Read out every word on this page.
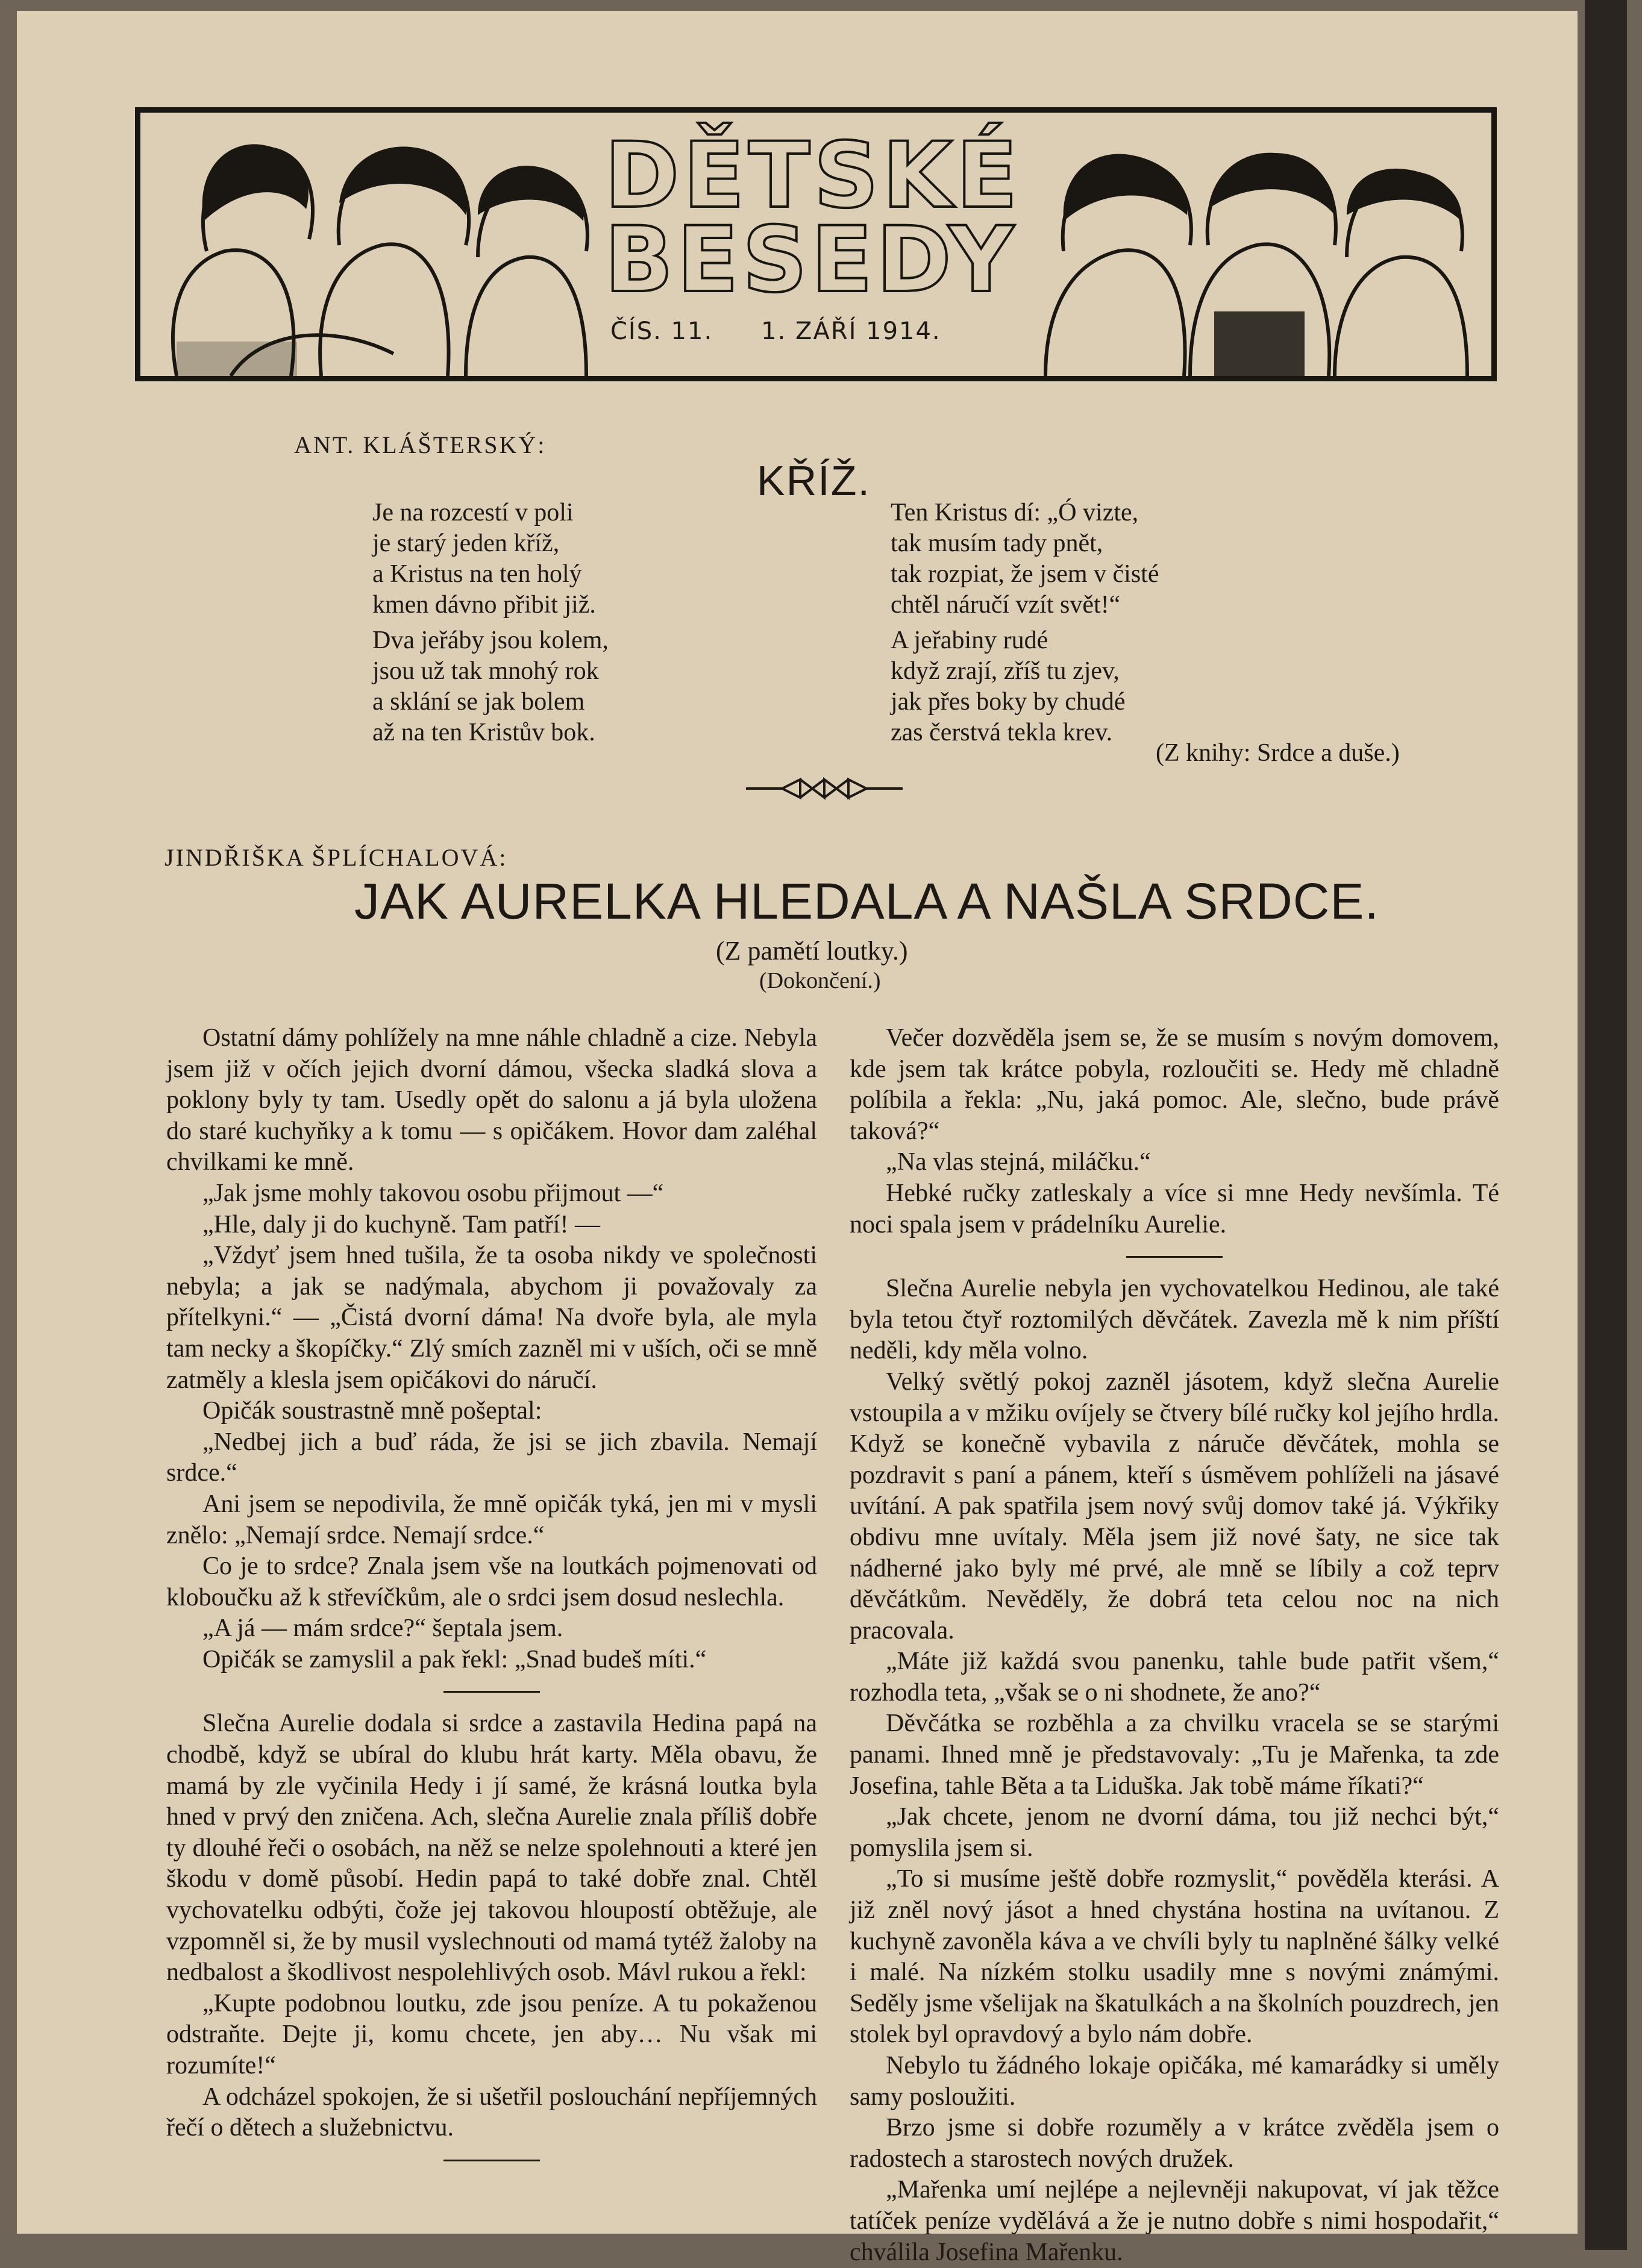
DĚTSKÉ
BESEDY
ČÍS. 11. 1. ZÁŘÍ 1914.
ANT. KLÁŠTERSKÝ:
KŘÍŽ.
Je na rozcestí v poli
je starý jeden kříž,
a Kristus na ten holý
kmen dávno přibit již.
Dva jeřáby jsou kolem,
jsou už tak mnohý rok
a sklání se jak bolem
až na ten Kristův bok.
Ten Kristus dí: „Ó vizte,
tak musím tady pnět,
tak rozpiat, že jsem v čisté
chtěl náručí vzít svět!“
A jeřabiny rudé
když zrají, zříš tu zjev,
jak přes boky by chudé
zas čerstvá tekla krev.
(Z knihy: Srdce a duše.)
JINDŘIŠKA ŠPLÍCHALOVÁ:
JAK AURELKA HLEDALA A NAŠLA SRDCE.
(Z pamětí loutky.)
(Dokončení.)

Ostatní dámy pohlížely na mne náhle chladně a cize. Nebyla jsem již v očích jejich dvorní dámou, všecka sladká slova a poklony byly ty tam. Usedly opět do salonu a já byla uložena do staré kuchyňky a k tomu — s opičákem. Hovor dam zaléhal chvilkami ke mně.

„Jak jsme mohly takovou osobu přijmout —“

„Hle, daly ji do kuchyně. Tam patří! —

„Vždyť jsem hned tušila, že ta osoba nikdy ve společnosti nebyla; a jak se nadýmala, abychom ji považovaly za přítelkyni.“ — „Čistá dvorní dáma! Na dvoře byla, ale myla tam necky a škopíčky.“ Zlý smích zazněl mi v uších, oči se mně zatměly a klesla jsem opičákovi do náručí.

Opičák soustrastně mně pošeptal:

„Nedbej jich a buď ráda, že jsi se jich zbavila. Nemají srdce.“

Ani jsem se nepodivila, že mně opičák tyká, jen mi v mysli znělo: „Nemají srdce. Nemají srdce.“

Co je to srdce? Znala jsem vše na loutkách pojmenovati od kloboučku až k střevíčkům, ale o srdci jsem dosud neslechla.

„A já — mám srdce?“ šeptala jsem.

Opičák se zamyslil a pak řekl: „Snad budeš míti.“

Slečna Aurelie dodala si srdce a zastavila Hedina papá na chodbě, když se ubíral do klubu hrát karty. Měla obavu, že mamá by zle vyčinila Hedy i jí samé, že krásná loutka byla hned v prvý den zničena. Ach, slečna Aurelie znala příliš dobře ty dlouhé řeči o osobách, na něž se nelze spolehnouti a které jen škodu v domě působí. Hedin papá to také dobře znal. Chtěl vychovatelku odbýti, čože jej takovou hloupostí obtěžuje, ale vzpomněl si, že by musil vyslechnouti od mamá tytéž žaloby na nedbalost a škodlivost nespolehlivých osob. Mávl rukou a řekl:

„Kupte podobnou loutku, zde jsou peníze. A tu pokaženou odstraňte. Dejte ji, komu chcete, jen aby… Nu však mi rozumíte!“

A odcházel spokojen, že si ušetřil poslouchání nepříjemných řečí o dětech a služebnictvu.

Večer dozvěděla jsem se, že se musím s novým domovem, kde jsem tak krátce pobyla, rozloučiti se. Hedy mě chladně políbila a řekla: „Nu, jaká pomoc. Ale, slečno, bude právě taková?“

„Na vlas stejná, miláčku.“

Hebké ručky zatleskaly a více si mne Hedy nevšímla. Té noci spala jsem v prádelníku Aurelie.

Slečna Aurelie nebyla jen vychovatelkou Hedinou, ale také byla tetou čtyř roztomilých děvčátek. Zavezla mě k nim příští neděli, kdy měla volno.

Velký světlý pokoj zazněl jásotem, když slečna Aurelie vstoupila a v mžiku ovíjely se čtvery bílé ručky kol jejího hrdla. Když se konečně vybavila z náruče děvčátek, mohla se pozdravit s paní a pánem, kteří s úsměvem pohlíželi na jásavé uvítání. A pak spatřila jsem nový svůj domov také já. Výkřiky obdivu mne uvítaly. Měla jsem již nové šaty, ne sice tak nádherné jako byly mé prvé, ale mně se líbily a což teprv děvčátkům. Nevěděly, že dobrá teta celou noc na nich pracovala.

„Máte již každá svou panenku, tahle bude patřit všem,“ rozhodla teta, „však se o ni shodnete, že ano?“

Děvčátka se rozběhla a za chvilku vracela se se starými panami. Ihned mně je představovaly: „Tu je Mařenka, ta zde Josefina, tahle Běta a ta Liduška. Jak tobě máme říkati?“

„Jak chcete, jenom ne dvorní dáma, tou již nechci být,“ pomyslila jsem si.

„To si musíme ještě dobře rozmyslit,“ pověděla kterási. A již zněl nový jásot a hned chystána hostina na uvítanou. Z kuchyně zavoněla káva a ve chvíli byly tu naplněné šálky velké i malé. Na nízkém stolku usadily mne s novými známými. Seděly jsme všelijak na škatulkách a na školních pouzdrech, jen stolek byl opravdový a bylo nám dobře.

Nebylo tu žádného lokaje opičáka, mé kamarádky si uměly samy posloužiti.

Brzo jsme si dobře rozuměly a v krátce zvěděla jsem o radostech a starostech nových družek.

„Mařenka umí nejlépe a nejlevněji nakupovat, ví jak těžce tatíček peníze vydělává a že je nutno dobře s nimi hospodařit,“ chválila Josefina Mařenku.
